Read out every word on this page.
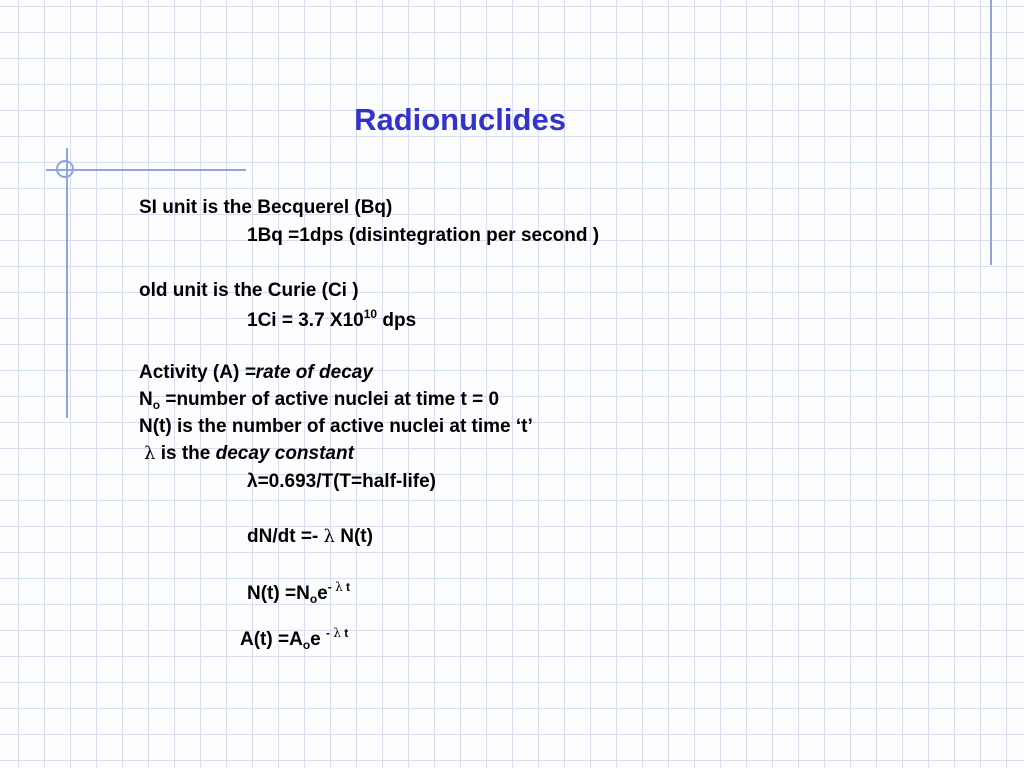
Radionuclides
SI unit is the Becquerel (Bq)
1Bq =1dps (disintegration per second )
old unit is the Curie (Ci )
1Ci = 3.7 $X10^{10}$ dps
Activity (A) =rate of decay
$N_o$ =number of active nuclei at time t = 0
N(t) is the number of active nuclei at time ‘t’
λ is the decay constant
λ=0.693/T(T=half-life)
dN/dt =- λ N(t)
$N(t) =N_oe^{- \lambda t}$
$A(t) =A_oe$ $^{- \lambda t}$
